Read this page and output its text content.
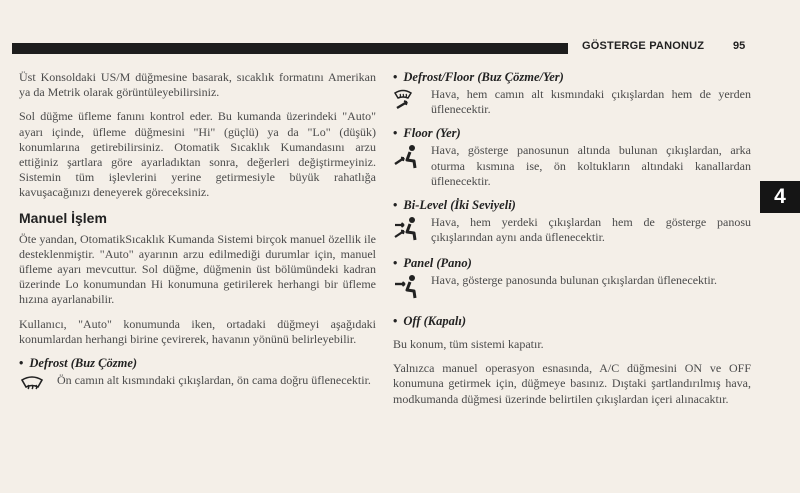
GÖSTERGE PANONUZ	95
4

Üst Konsoldaki US/M düğmesine basarak, sıcaklık formatını Amerikan ya da Metrik olarak görüntüleyebilirsiniz.

Sol düğme üfleme fanını kontrol eder. Bu kumanda üzerindeki "Auto" ayarı içinde, üfleme düğmesini "Hi" (güçlü) ya da "Lo" (düşük) konumlarına getirebilirsiniz. Otomatik Sıcaklık Kumandasını arzu ettiğiniz şartlara göre ayarladıktan sonra, değerleri değiştirmeyiniz. Sistemin tüm işlevlerini yerine getirmesiyle büyük rahatlığa kavuşacağınızı deneyerek göreceksiniz.

Manuel İşlem

Öte yandan, OtomatikSıcaklık Kumanda Sistemi birçok manuel özellik ile desteklenmiştir. "Auto" ayarının arzu edilmediği durumlar için, manuel üfleme ayarı mevcuttur. Sol düğme, düğmenin üst bölümündeki kadran üzerinde Lo konumundan Hi konumuna getirilerek herhangi bir üfleme hızına ayarlanabilir.

Kullanıcı, "Auto" konumunda iken, ortadaki düğmeyi aşağıdaki konumlardan herhangi birine çevirerek, havanın yönünü belirleyebilir.

• Defrost (Buz Çözme)

Ön camın alt kısmındaki çıkışlardan, ön cama doğru üflenecektir.

• Defrost/Floor (Buz Çözme/Yer)

Hava, hem camın alt kısmındaki çıkışlardan hem de yerden üflenecektir.

• Floor (Yer)

Hava, gösterge panosunun altında bulunan çıkışlardan, arka oturma kısmına ise, ön koltukların altındaki kanallardan üflenecektir.

• Bi-Level (İki Seviyeli)

Hava, hem yerdeki çıkışlardan hem de gösterge panosu çıkışlarından aynı anda üflenecektir.

• Panel (Pano)

Hava, gösterge panosunda bulunan çıkışlardan üflenecektir.

• Off (Kapalı)

Bu konum, tüm sistemi kapatır.

Yalnızca manuel operasyon esnasında, A/C düğmesini ON ve OFF konumuna getirmek için, düğmeye basınız. Dıştaki şartlandırılmış hava, modkumanda düğmesi üzerinde belirtilen çıkışlardan içeri alınacaktır.
